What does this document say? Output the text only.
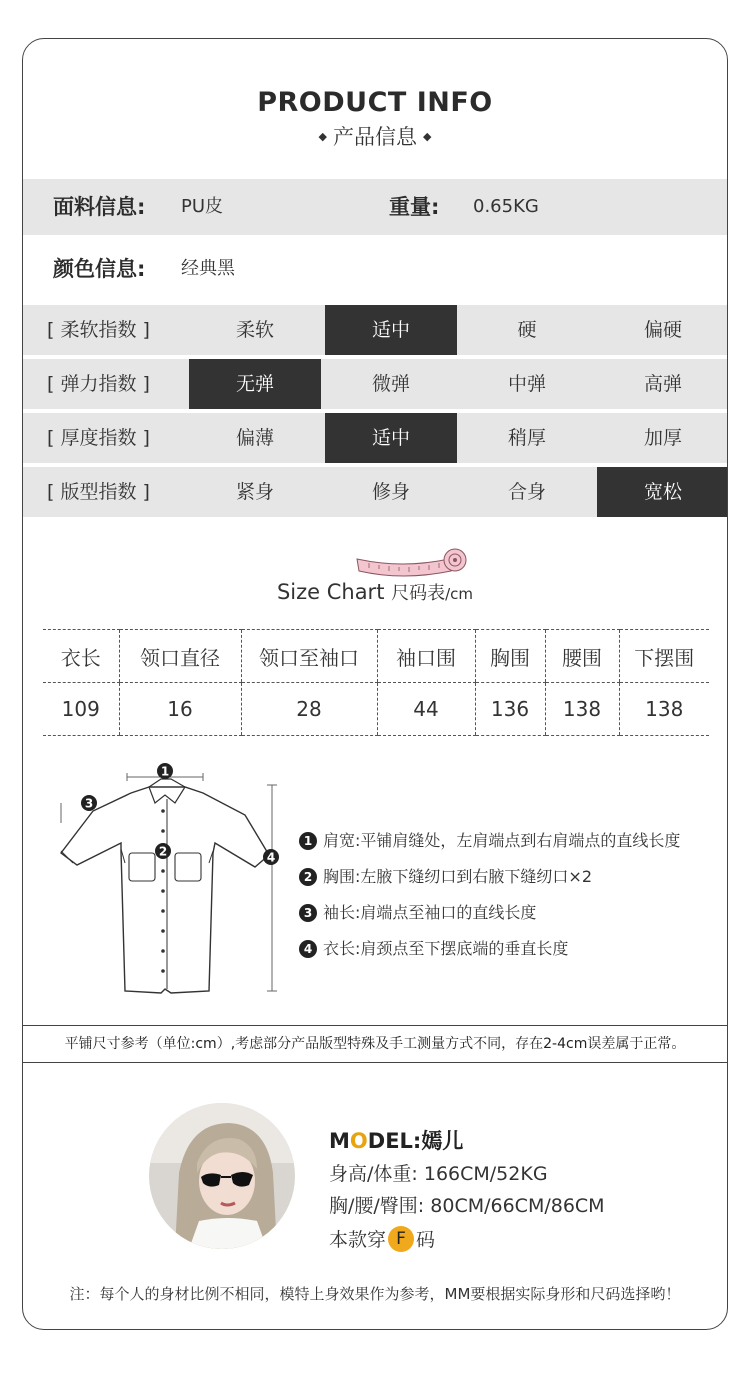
PRODUCT INFO
◆ 产品信息 ◆
面料信息: PU皮	重量: 0.65KG
颜色信息: 经典黑
[ 柔软指数 ]	柔软	适中	硬	偏硬
[ 弹力指数 ]	无弹	微弹	中弹	高弹
[ 厚度指数 ]	偏薄	适中	稍厚	加厚
[ 版型指数 ]	紧身	修身	合身	宽松
Size Chart 尺码表/cm
衣长	领口直径	领口至袖口	袖口围	胸围	腰围	下摆围
109	16	28	44	136	138	138
1
2
3
4
1 肩宽:平铺肩缝处，左肩端点到右肩端点的直线长度
2 胸围:左腋下缝纫口到右腋下缝纫口×2
3 袖长:肩端点至袖口的直线长度
4 衣长:肩颈点至下摆底端的垂直长度
平铺尺寸参考（单位:cm）,考虑部分产品版型特殊及手工测量方式不同，存在2-4cm误差属于正常。
MODEL:嫣儿
身高/体重: 166CM/52KG
胸/腰/臀围: 80CM/66CM/86CM
本款穿 F 码
注：每个人的身材比例不相同，模特上身效果作为参考，MM要根据实际身形和尺码选择哟！
